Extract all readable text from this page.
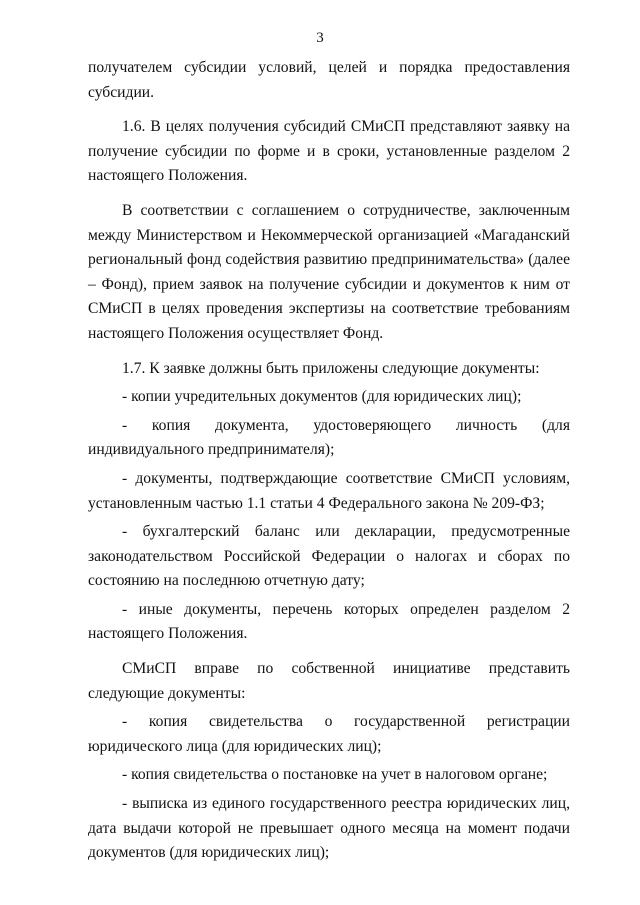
3

получателем субсидии условий, целей и порядка предоставления субсидии.

1.6. В целях получения субсидий СМиСП представляют заявку на получение субсидии по форме и в сроки, установленные разделом 2 настоящего Положения.

В соответствии с соглашением о сотрудничестве, заключенным между Министерством и Некоммерческой организацией «Магаданский региональный фонд содействия развитию предпринимательства» (далее – Фонд), прием заявок на получение субсидии и документов к ним от СМиСП в целях проведения экспертизы на соответствие требованиям настоящего Положения осуществляет Фонд.

1.7. К заявке должны быть приложены следующие документы:

- копии учредительных документов (для юридических лиц);

- копия документа, удостоверяющего личность (для индивидуального предпринимателя);

- документы, подтверждающие соответствие СМиСП условиям, установленным частью 1.1 статьи 4 Федерального закона № 209-ФЗ;

- бухгалтерский баланс или декларации, предусмотренные законодательством Российской Федерации о налогах и сборах по состоянию на последнюю отчетную дату;

- иные документы, перечень которых определен разделом 2 настоящего Положения.

СМиСП вправе по собственной инициативе представить следующие документы:

- копия свидетельства о государственной регистрации юридического лица (для юридических лиц);

- копия свидетельства о постановке на учет в налоговом органе;

- выписка из единого государственного реестра юридических лиц, дата выдачи которой не превышает одного месяца на момент подачи документов (для юридических лиц);
